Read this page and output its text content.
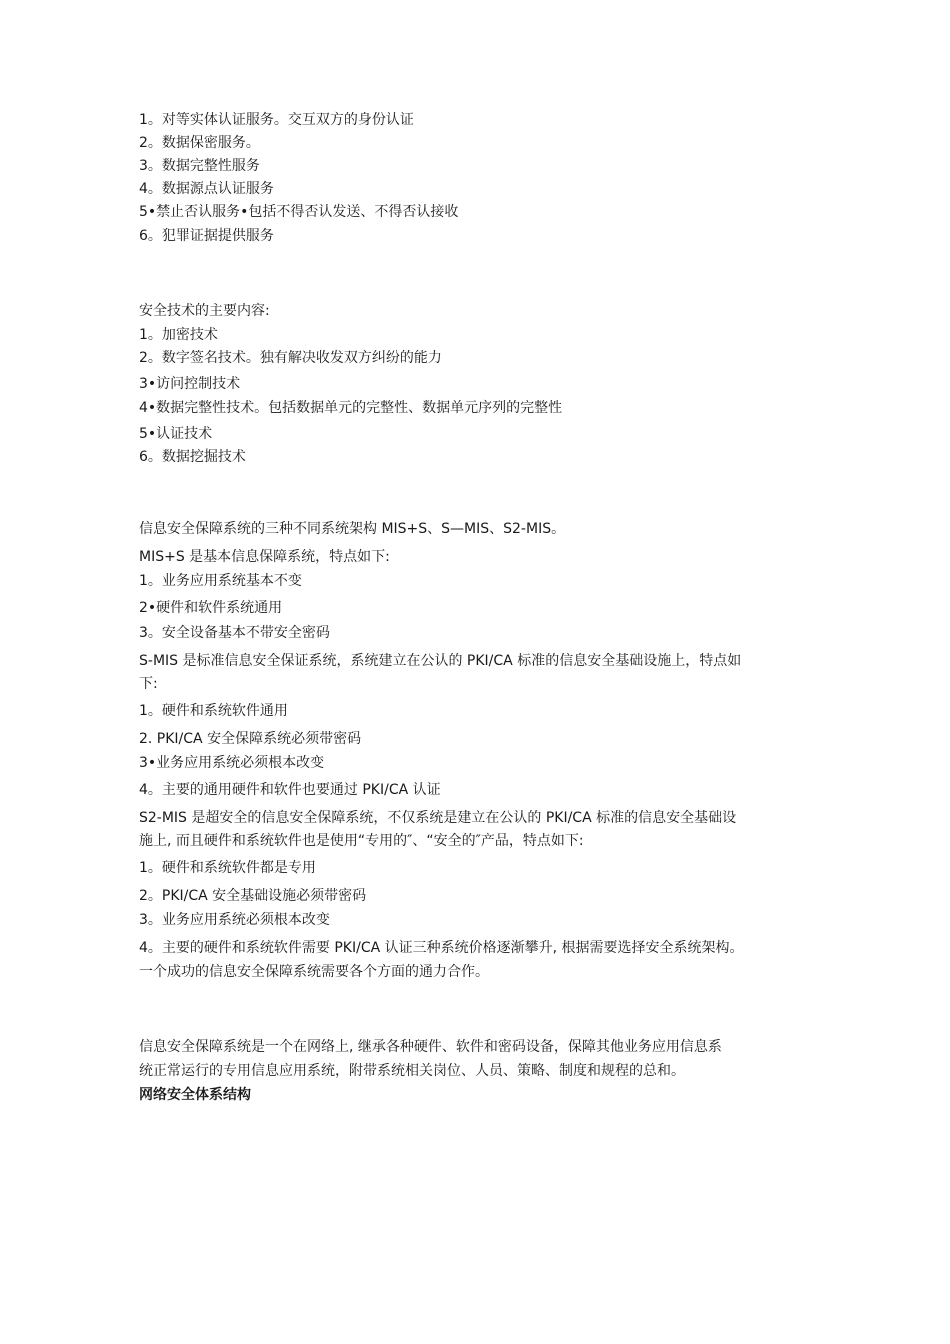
1。对等实体认证服务。交互双方的身份认证
2。数据保密服务。
3。数据完整性服务
4。数据源点认证服务
5•禁止否认服务•包括不得否认发送、不得否认接收
6。犯罪证据提供服务
安全技术的主要内容:
1。加密技术
2。数字签名技术。独有解决收发双方纠纷的能力
3•访问控制技术
4•数据完整性技术。包括数据单元的完整性、数据单元序列的完整性
5•认证技术
6。数据挖掘技术
信息安全保障系统的三种不同系统架构 MIS+S、S—MIS、S2-MIS。
MIS+S 是基本信息保障系统，特点如下:
1。业务应用系统基本不变
2•硬件和软件系统通用
3。安全设备基本不带安全密码
S-MIS 是标准信息安全保证系统，系统建立在公认的 PKI/CA 标准的信息安全基础设施上，特点如
下:
1。硬件和系统软件通用
2. PKI/CA 安全保障系统必须带密码
3•业务应用系统必须根本改变
4。主要的通用硬件和软件也要通过 PKI/CA 认证
S2-MIS 是超安全的信息安全保障系统，不仅系统是建立在公认的 PKI/CA 标准的信息安全基础设
施上, 而且硬件和系统软件也是使用“专用的″、“安全的″产品，特点如下:
1。硬件和系统软件都是专用
2。PKI/CA 安全基础设施必须带密码
3。业务应用系统必须根本改变
4。主要的硬件和系统软件需要 PKI/CA 认证三种系统价格逐渐攀升, 根据需要选择安全系统架构。
一个成功的信息安全保障系统需要各个方面的通力合作。
信息安全保障系统是一个在网络上, 继承各种硬件、软件和密码设备，保障其他业务应用信息系
统正常运行的专用信息应用系统，附带系统相关岗位、人员、策略、制度和规程的总和。
网络安全体系结构
